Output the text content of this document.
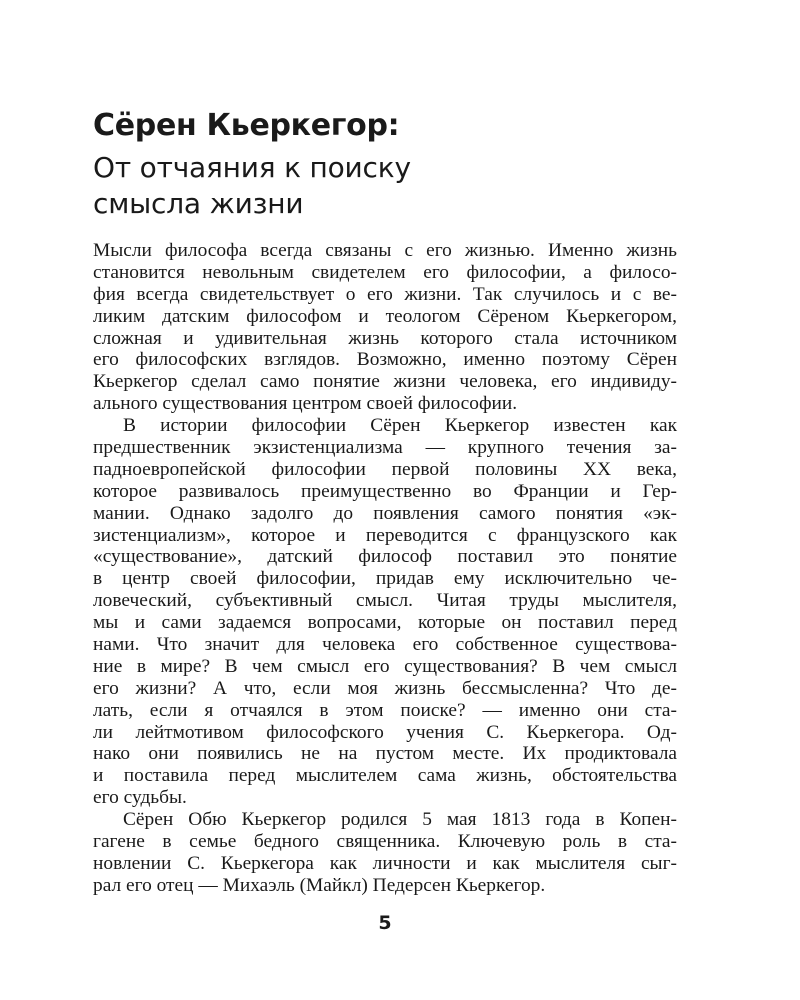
Сёрен Кьеркегор:
От отчаяния к поиску
смысла жизни
Мысли философа всегда связаны с его жизнью. Именно жизнь
становится невольным свидетелем его философии, а филосо-
фия всегда свидетельствует о его жизни. Так случилось и с ве-
ликим датским философом и теологом Сёреном Кьеркегором,
сложная и удивительная жизнь которого стала источником
его философских взглядов. Возможно, именно поэтому Сёрен
Кьеркегор сделал само понятие жизни человека, его индивиду-
ального существования центром своей философии.
В истории философии Сёрен Кьеркегор известен как
предшественник экзистенциализма — крупного течения за-
падноевропейской философии первой половины XX века,
которое развивалось преимущественно во Франции и Гер-
мании. Однако задолго до появления самого понятия «эк-
зистенциализм», которое и переводится с французского как
«существование», датский философ поставил это понятие
в центр своей философии, придав ему исключительно че-
ловеческий, субъективный смысл. Читая труды мыслителя,
мы и сами задаемся вопросами, которые он поставил перед
нами. Что значит для человека его собственное существова-
ние в мире? В чем смысл его существования? В чем смысл
его жизни? А что, если моя жизнь бессмысленна? Что де-
лать, если я отчаялся в этом поиске? — именно они ста-
ли лейтмотивом философского учения С. Кьеркегора. Од-
нако они появились не на пустом месте. Их продиктовала
и поставила перед мыслителем сама жизнь, обстоятельства
его судьбы.
Сёрен Обю Кьеркегор родился 5 мая 1813 года в Копен-
гагене в семье бедного священника. Ключевую роль в ста-
новлении С. Кьеркегора как личности и как мыслителя сыг-
рал его отец — Михаэль (Майкл) Педерсен Кьеркегор.
5
